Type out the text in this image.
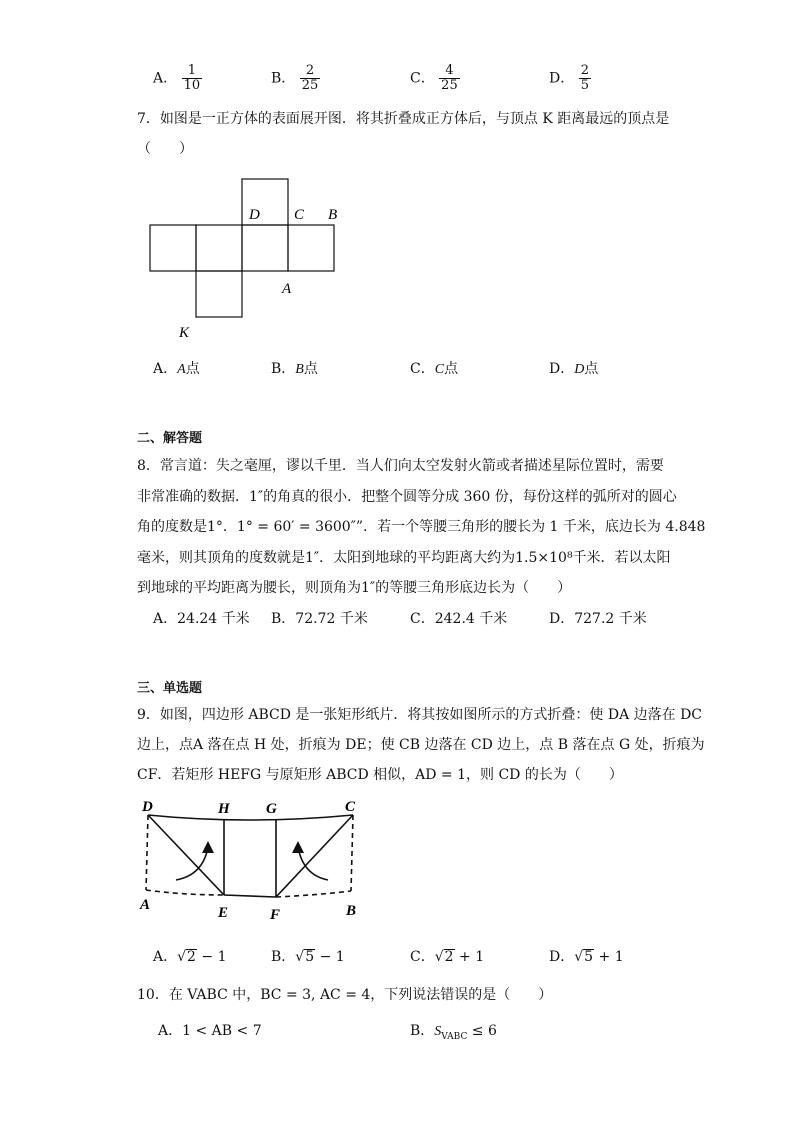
A． $\frac{1}{10}$	B． $\frac{2}{25}$	C． $\frac{4}{25}$	D． $\frac{2}{5}$
7．如图是一正方体的表面展开图．将其折叠成正方体后，与顶点 K 距离最远的顶点是
（　　）
D C B
A
K
A．A点	B．B点	C．C点	D．D点
二、解答题
8．常言道：失之毫厘，谬以千里．当人们向太空发射火箭或者描述星际位置时，需要
非常准确的数据．1″的角真的很小．把整个圆等分成 360 份，每份这样的弧所对的圆心
角的度数是1°．1° = 60′ = 3600″”．若一个等腰三角形的腰长为 1 千米，底边长为 4.848
毫米，则其顶角的度数就是1″．太阳到地球的平均距离大约为1.5×10⁸千米．若以太阳
到地球的平均距离为腰长，则顶角为1″的等腰三角形底边长为（　　）
A．24.24 千米 B．72.72 千米	C．242.4 千米	D．727.2 千米
三、单选题
9．如图，四边形 ABCD 是一张矩形纸片．将其按如图所示的方式折叠：使 DA 边落在 DC
边上，点A 落在点 H 处，折痕为 DE；使 CB 边落在 CD 边上，点 B 落在点 G 处，折痕为
CF．若矩形 HEFG 与原矩形 ABCD 相似，AD = 1，则 CD 的长为（　　）
D	H G	C
A	E	F	B
A．√2 − 1	B．√5 − 1	C．√2 + 1	D．√5 + 1
10．在 VABC 中，BC = 3, AC = 4，下列说法错误的是（　　）
A．1 < AB < 7	B．$S_{VABC} \le 6$
